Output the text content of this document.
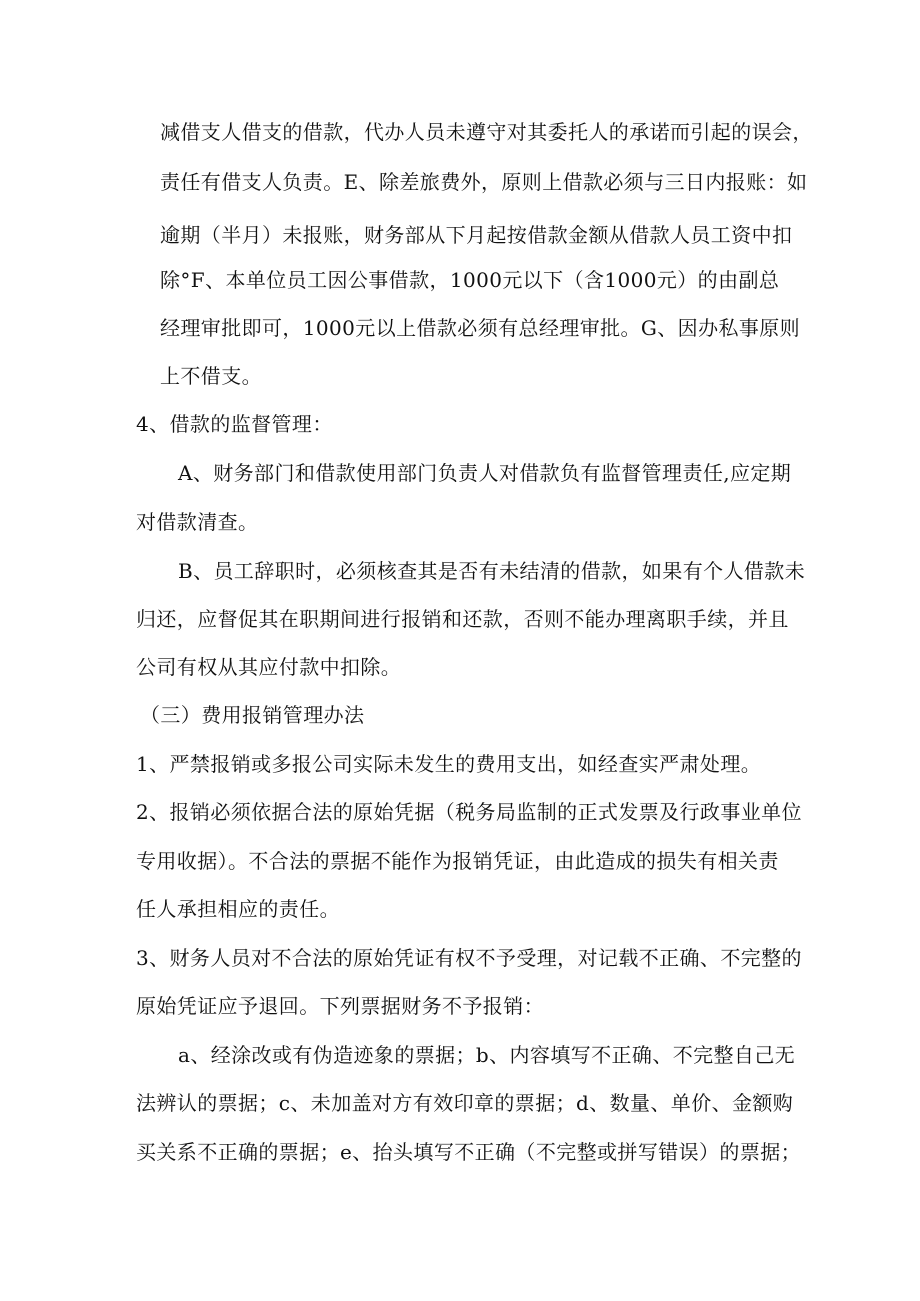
减借支人借支的借款，代办人员未遵守对其委托人的承诺而引起的误会，
责任有借支人负责。E、除差旅费外，原则上借款必须与三日内报账：如
逾期（半月）未报账，财务部从下月起按借款金额从借款人员工资中扣
除°F、本单位员工因公事借款，1000元以下（含1000元）的由副总
经理审批即可，1000元以上借款必须有总经理审批。G、因办私事原则
上不借支。
4、借款的监督管理：
A、财务部门和借款使用部门负责人对借款负有监督管理责任,应定期
对借款清查。
B、员工辞职时，必须核查其是否有未结清的借款，如果有个人借款未
归还，应督促其在职期间进行报销和还款，否则不能办理离职手续，并且
公司有权从其应付款中扣除。
（三）费用报销管理办法
1、严禁报销或多报公司实际未发生的费用支出，如经查实严肃处理。
2、报销必须依据合法的原始凭据（税务局监制的正式发票及行政事业单位
专用收据）。不合法的票据不能作为报销凭证，由此造成的损失有相关责
任人承担相应的责任。
3、财务人员对不合法的原始凭证有权不予受理，对记载不正确、不完整的
原始凭证应予退回。下列票据财务不予报销：
a、经涂改或有伪造迹象的票据；b、内容填写不正确、不完整自己无
法辨认的票据；c、未加盖对方有效印章的票据；d、数量、单价、金额购
买关系不正确的票据；e、抬头填写不正确（不完整或拼写错误）的票据；
